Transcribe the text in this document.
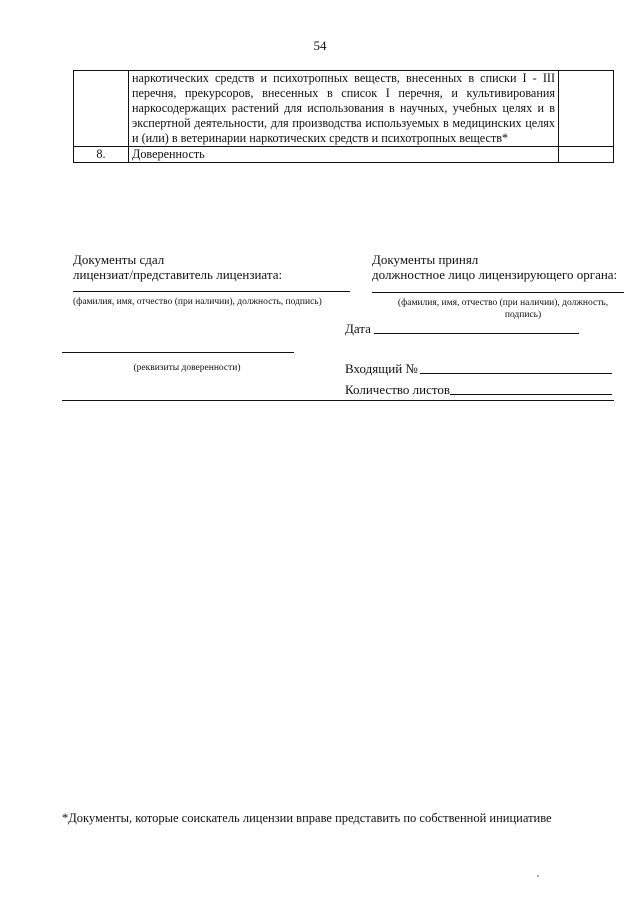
54
	наркотических средств и психотропных веществ, внесенных в списки I - III перечня, прекурсоров, внесенных в список I перечня, и культивирования наркосодержащих растений для использования в научных, учебных целях и в экспертной деятельности, для производства используемых в медицинских целях и (или) в ветеринарии наркотических средств и психотропных веществ*	
8.	Доверенность	
Документы сдал
лицензиат/представитель лицензиата:
(фамилия, имя, отчество (при наличии), должность, подпись)
(реквизиты доверенности)
Документы принял
должностное лицо лицензирующего органа:
(фамилия, имя, отчество (при наличии), должность,
подпись)
Дата
Входящий №
Количество листов
*Документы, которые соискатель лицензии вправе представить по собственной инициативе
